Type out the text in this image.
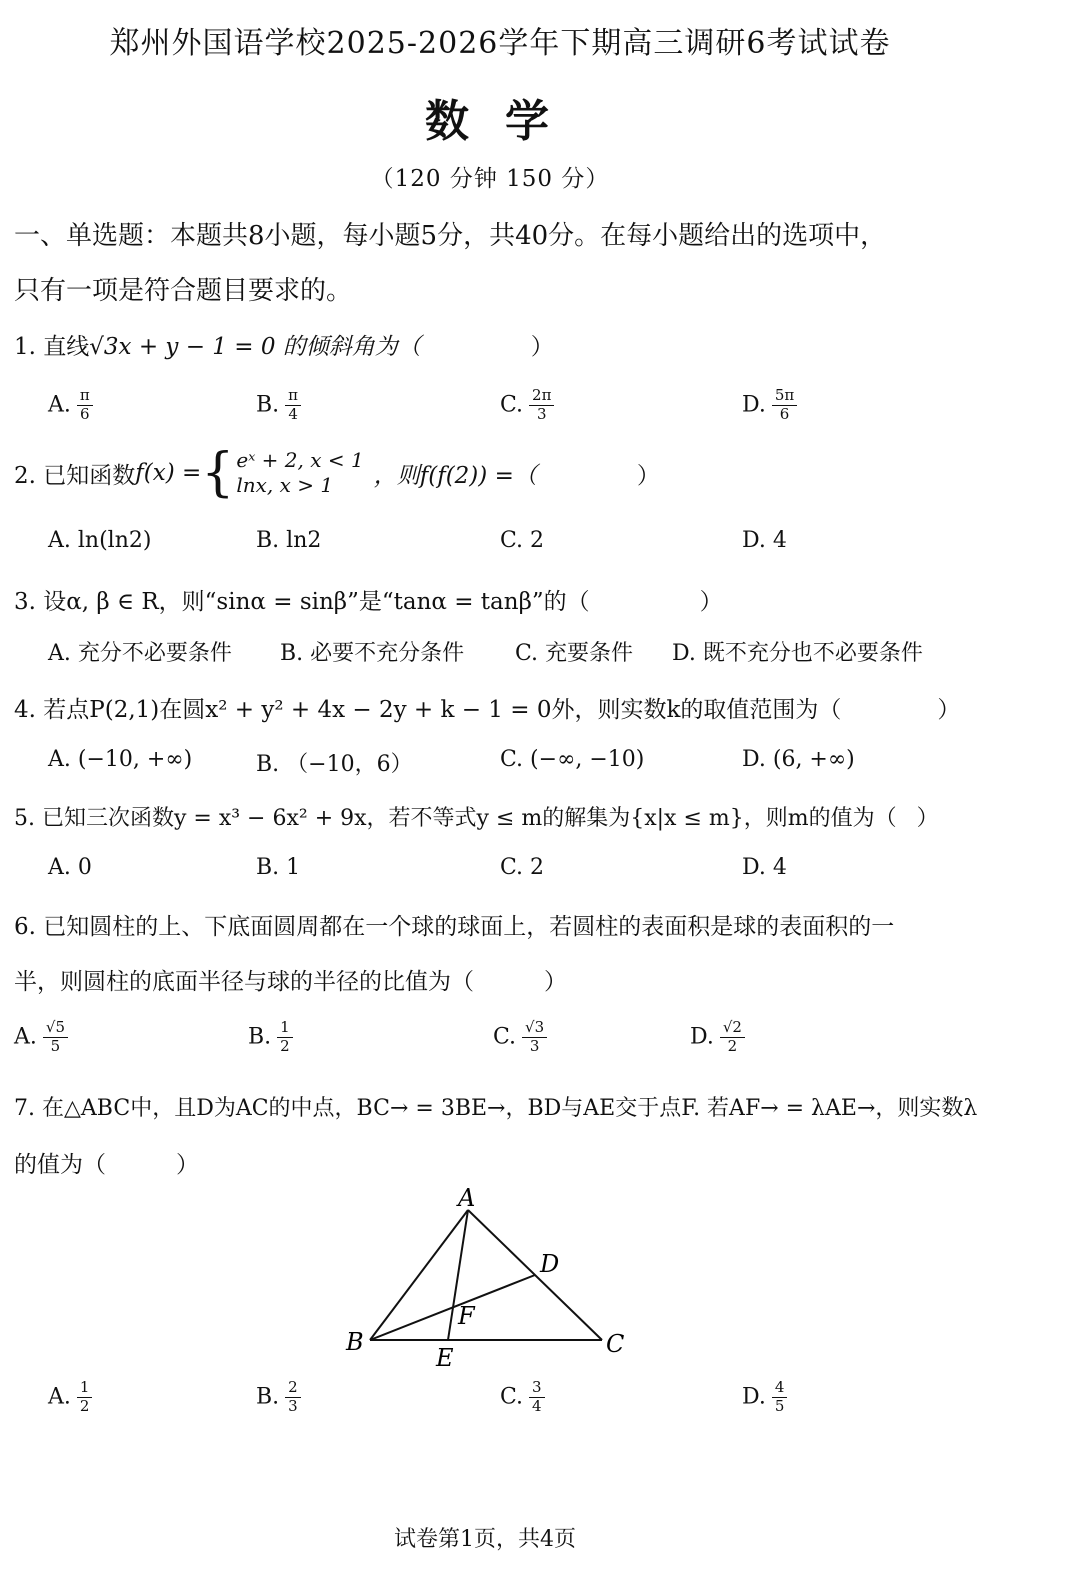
郑州外国语学校2025-2026学年下期高三调研6考试试卷
数学
（120 分钟 150 分）
一、单选题：本题共8小题，每小题5分，共40分。在每小题给出的选项中，
只有一项是符合题目要求的。
1. 直线√3x + y − 1 = 0 的倾斜角为（	）
A. $\frac{\pi}{6}$	B. $\frac{\pi}{4}$	C. $\frac{2\pi}{3}$	D. $\frac{5\pi}{6}$
2. 已知函数 f(x) = { eˣ + 2, x < 1
lnx, x > 1	，则f(f(2)) =（	）
A. ln(ln2)	B. ln2	C. 2	D. 4
3. 设α, β ∈ R，则“sinα = sinβ”是“tanα = tanβ”的（	）
A. 充分不必要条件 B. 必要不充分条件 C. 充要条件 D. 既不充分也不必要条件
4. 若点P(2,1)在圆x² + y² + 4x − 2y + k − 1 = 0外，则实数k的取值范围为（	）
A. (−10, +∞)	B. （−10，6）	C. (−∞, −10)	D. (6, +∞)
5. 已知三次函数y = x³ − 6x² + 9x，若不等式y ≤ m的解集为{x|x ≤ m}，则m的值为（ ）
A. 0	B. 1	C. 2	D. 4
6. 已知圆柱的上、下底面圆周都在一个球的球面上，若圆柱的表面积是球的表面积的一
半，则圆柱的底面半径与球的半径的比值为（	）
A. $\frac{√5}{5}$	B. $\frac{1}{2}$	C. $\frac{√3}{3}$	D. $\frac{√2}{2}$
7. 在△ABC中，且D为AC的中点，BC→ = 3BE→，BD与AE交于点F. 若AF→ = λAE→，则实数λ
的值为（	）
A
B	C
D
E
F
A. $\frac{1}{2}$	B. $\frac{2}{3}$	C. $\frac{3}{4}$	D. $\frac{4}{5}$
试卷第1页，共4页
